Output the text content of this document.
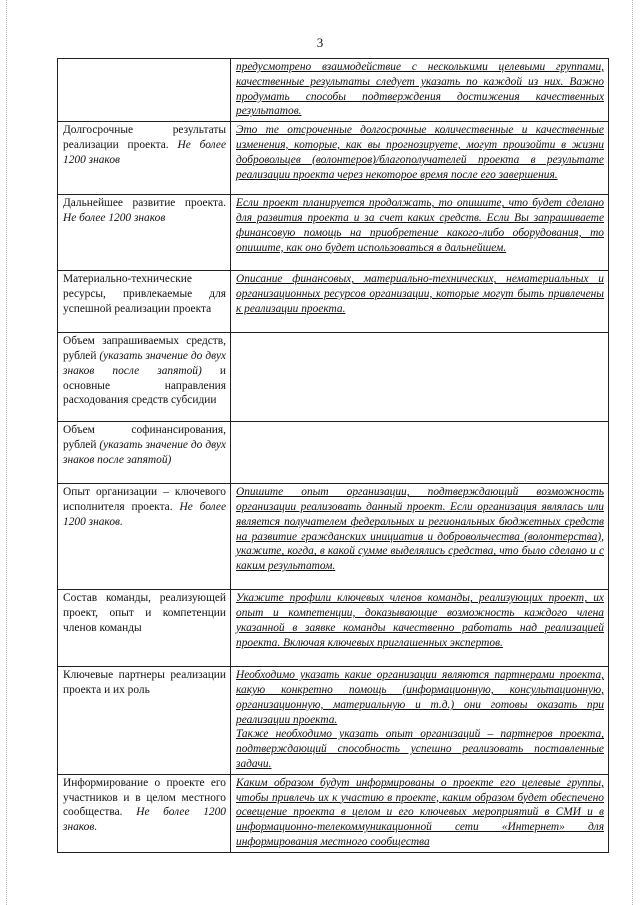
3
	предусмотрено взаимодействие с несколькими целевыми группами, качественные результаты следует указать по каждой из них. Важно продумать способы подтверждения достижения качественных результатов.
Долгосрочные результаты реализации проекта. Не более 1200 знаков	Это те отсроченные долгосрочные количественные и качественные изменения, которые, как вы прогнозируете, могут произойти в жизни добровольцев (волонтеров)/благополучателей проекта в результате реализации проекта через некоторое время после его завершения.
Дальнейшее развитие проекта. Не более 1200 знаков	Если проект планируется продолжать, то опишите, что будет сделано для развития проекта и за счет каких средств. Если Вы запрашиваете финансовую помощь на приобретение какого-либо оборудования, то опишите, как оно будет использоваться в дальнейшем.
Материально-технические ресурсы, привлекаемые для успешной реализации проекта	Описание финансовых, материально-технических, нематериальных и организационных ресурсов организации, которые могут быть привлечены к реализации проекта.
Объем запрашиваемых средств, рублей (указать значение до двух знаков после запятой) и основные направления расходования средств субсидии	
Объем софинансирования, рублей (указать значение до двух знаков после запятой)	
Опыт организации – ключевого исполнителя проекта. Не более 1200 знаков.	Опишите опыт организации, подтверждающий возможность организации реализовать данный проект. Если организация являлась или является получателем федеральных и региональных бюджетных средств на развитие гражданских инициатив и добровольчества (волонтерства), укажите, когда, в какой сумме выделялись средства, что было сделано и с каким результатом.
Состав команды, реализующей проект, опыт и компетенции членов команды	Укажите профили ключевых членов команды, реализующих проект, их опыт и компетенции, доказывающие возможность каждого члена указанной в заявке команды качественно работать над реализацией проекта. Включая ключевых приглашенных экспертов.
Ключевые партнеры реализации проекта и их роль	Необходимо указать какие организации являются партнерами проекта, какую конкретно помощь (информационную, консультационную, организационную, материальную и т.д.) они готовы оказать при реализации проекта.
Также необходимо указать опыт организаций – партнеров проекта, подтверждающий способность успешно реализовать поставленные задачи.

Информирование о проекте его участников и в целом местного сообщества. Не более 1200 знаков.	Каким образом будут информированы о проекте его целевые группы, чтобы привлечь их к участию в проекте, каким образом будет обеспечено освещение проекта в целом и его ключевых мероприятий в СМИ и в информационно-телекоммуникационной сети «Интернет» для информирования местного сообщества
